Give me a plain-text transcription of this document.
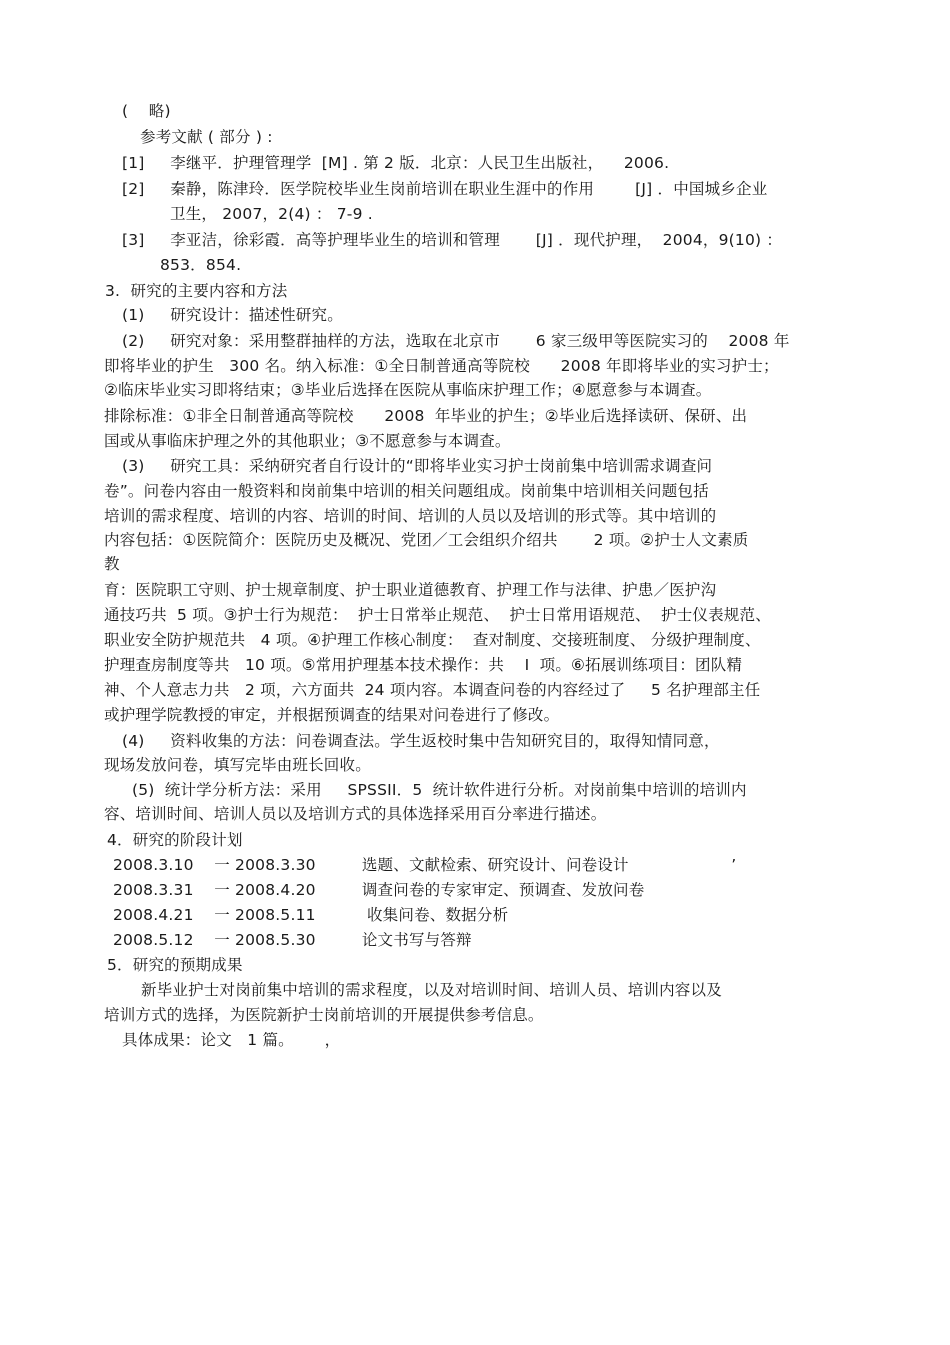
(    略)
参考文献 ( 部分 ) :
[1]     李继平．护理管理学  [M] . 第 2 版．北京：人民卫生出版社，    2006.
[2]     秦静，陈津玲．医学院校毕业生岗前培训在职业生涯中的作用        [J] ．中国城乡企业
卫生， 2007，2(4) ： 7-9 .
[3]     李亚洁，徐彩霞．高等护理毕业生的培训和管理       [J] ．现代护理，  2004，9(10) ：
853．854.
3.  研究的主要内容和方法
(1)     研究设计：描述性研究。
(2)     研究对象：采用整群抽样的方法，选取在北京市       6 家三级甲等医院实习的    2008 年
即将毕业的护生   300 名。纳入标准：①全日制普通高等院校      2008 年即将毕业的实习护士；
②临床毕业实习即将结束；③毕业后选择在医院从事临床护理工作；④愿意参与本调查。
排除标准：①非全日制普通高等院校      2008  年毕业的护生；②毕业后选择读研、保研、出
国或从事临床护理之外的其他职业；③不愿意参与本调查。
(3)     研究工具：采纳研究者自行设计的“即将毕业实习护士岗前集中培训需求调查问
卷”。问卷内容由一般资料和岗前集中培训的相关问题组成。岗前集中培训相关问题包括
培训的需求程度、培训的内容、培训的时间、培训的人员以及培训的形式等。其中培训的
内容包括：①医院简介：医院历史及概况、党团／工会组织介绍共       2 项。②护士人文素质
教
育：医院职工守则、护士规章制度、护士职业道德教育、护理工作与法律、护患／医护沟
通技巧共  5 项。③护士行为规范：  护士日常举止规范、  护士日常用语规范、  护士仪表规范、
职业安全防护规范共   4 项。④护理工作核心制度：  查对制度、交接班制度、 分级护理制度、
护理查房制度等共   10 项。⑤常用护理基本技术操作：共    I  项。⑥拓展训练项目：团队精
神、个人意志力共   2 项，六方面共  24 项内容。本调查问卷的内容经过了     5 名护理部主任
或护理学院教授的审定，并根据预调查的结果对问卷进行了修改。
(4)     资料收集的方法：问卷调查法。学生返校时集中告知研究目的，取得知情同意，
现场发放问卷，填写完毕由班长回收。
(5)  统计学分析方法：采用     SPSSII．5  统计软件进行分析。对岗前集中培训的培训内
容、培训时间、培训人员以及培训方式的具体选择采用百分率进行描述。
4．研究的阶段计划
2008.3.10    一 2008.3.30         选题、文献检索、研究设计、问卷设计                    ’
2008.3.31    一 2008.4.20         调查问卷的专家审定、预调查、发放问卷
2008.4.21    一 2008.5.11          收集问卷、数据分析
2008.5.12    一 2008.5.30         论文书写与答辩
5．研究的预期成果
新毕业护士对岗前集中培训的需求程度，以及对培训时间、培训人员、培训内容以及
培训方式的选择，为医院新护士岗前培训的开展提供参考信息。
具体成果：论文   1 篇。      ，
